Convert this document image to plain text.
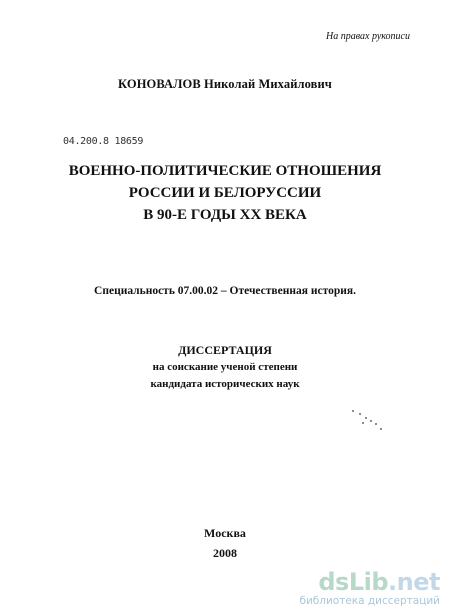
На правах рукописи
КОНОВАЛОВ Николай Михайлович
04.200.8 18659
ВОЕННО-ПОЛИТИЧЕСКИЕ ОТНОШЕНИЯ
РОССИИ И БЕЛОРУССИИ
В 90-Е ГОДЫ XX ВЕКА
Специальность 07.00.02 – Отечественная история.
ДИССЕРТАЦИЯ
на соискание ученой степени
кандидата исторических наук
Москва
2008
dsLib.net
библиотека диссертаций
